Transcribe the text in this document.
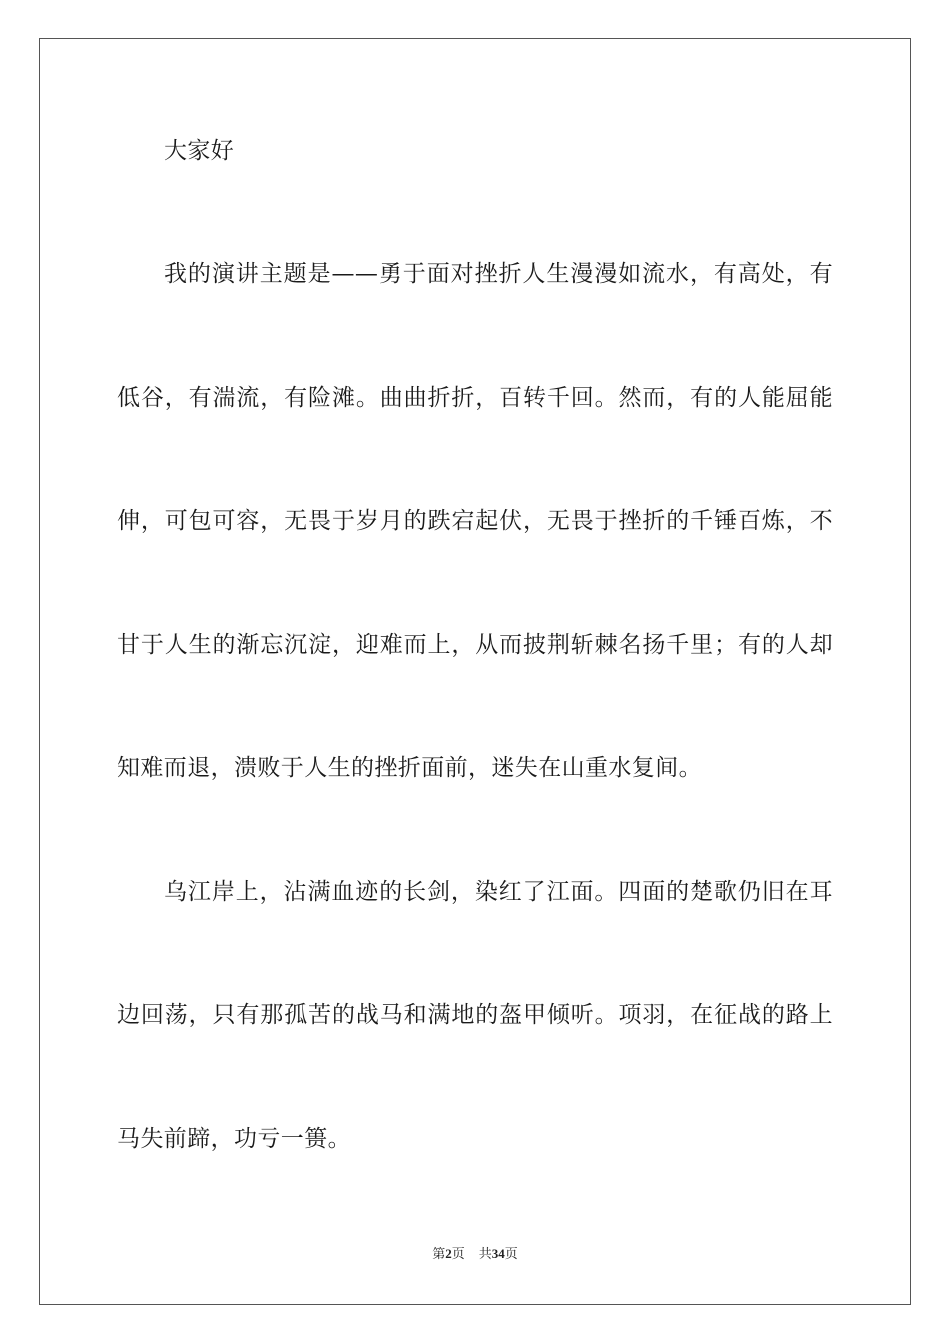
大家好
我的演讲主题是——勇于面对挫折人生漫漫如流水，有高处，有
低谷，有湍流，有险滩。曲曲折折，百转千回。然而，有的人能屈能
伸，可包可容，无畏于岁月的跌宕起伏，无畏于挫折的千锤百炼，不
甘于人生的渐忘沉淀，迎难而上，从而披荆斩棘名扬千里；有的人却
知难而退，溃败于人生的挫折面前，迷失在山重水复间。
乌江岸上，沾满血迹的长剑，染红了江面。四面的楚歌仍旧在耳
边回荡，只有那孤苦的战马和满地的盔甲倾听。项羽，在征战的路上
马失前蹄，功亏一篑。
第2页 共34页
